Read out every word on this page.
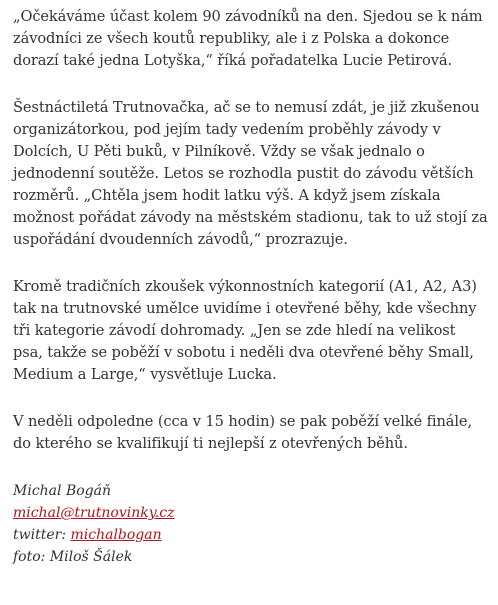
„Očekáváme účast kolem 90 závodníků na den. Sjedou se k nám závodníci ze všech koutů republiky, ale i z Polska a dokonce dorazí také jedna Lotyška,“ říká pořadatelka Lucie Petirová.

Šestnáctiletá Trutnovačka, ač se to nemusí zdát, je již zkušenou organizátorkou, pod jejím tady vedením proběhly závody v Dolcích, U Pěti buků, v Pilníkově. Vždy se však jednalo o jednodenní soutěže. Letos se rozhodla pustit do závodu větších rozměrů. „Chtěla jsem hodit latku výš. A když jsem získala možnost pořádat závody na městském stadionu, tak to už stojí za uspořádání dvoudenních závodů,“ prozrazuje.

Kromě tradičních zkoušek výkonnostních kategorií (A1, A2, A3) tak na trutnovské umělce uvidíme i otevřené běhy, kde všechny tři kategorie závodí dohromady. „Jen se zde hledí na velikost psa, takže se poběží v sobotu i neděli dva otevřené běhy Small, Medium a Large,“ vysvětluje Lucka.

V neděli odpoledne (cca v 15 hodin) se pak poběží velké finále, do kterého se kvalifikují ti nejlepší z otevřených běhů.

Michal Bogáň
michal@trutnovinky.cz
twitter: michalbogan
foto: Miloš Šálek
